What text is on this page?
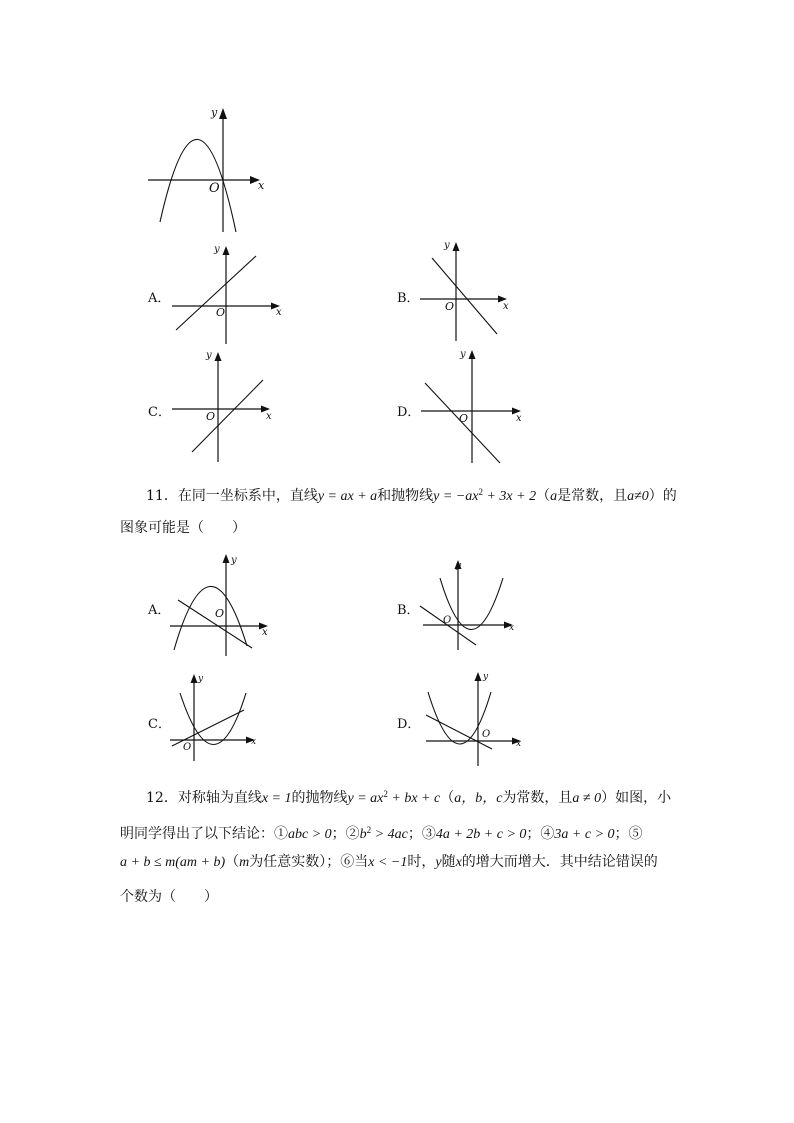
x
y
O
A．
x
y
O
B．
x
y
O
C．	x
y
O	D．	x
y
O
11．在同一坐标系中，直线y = ax + a和抛物线$y = -ax^2 + 3x + 2(a$是常数，且a≠0）的
图象可能是（　　）
A．
x
y
O	B．
x
y
O
C．
x
y
O
D．
x
y
O
12．对称轴为直线x = 1的抛物线$y = ax^2$ + bx + c（a，b，c为常数，且a ≠ 0）如图，小
明同学得出了以下结论：①abc > 0；$②b^2 > 4ac$；③4a + 2b + c > 0；④3a + c > 0；⑤
a + b ≤ m(am + b)（m为任意实数）；⑥当x < −1时，y随x的增大而增大．其中结论错误的
个数为（　　）
